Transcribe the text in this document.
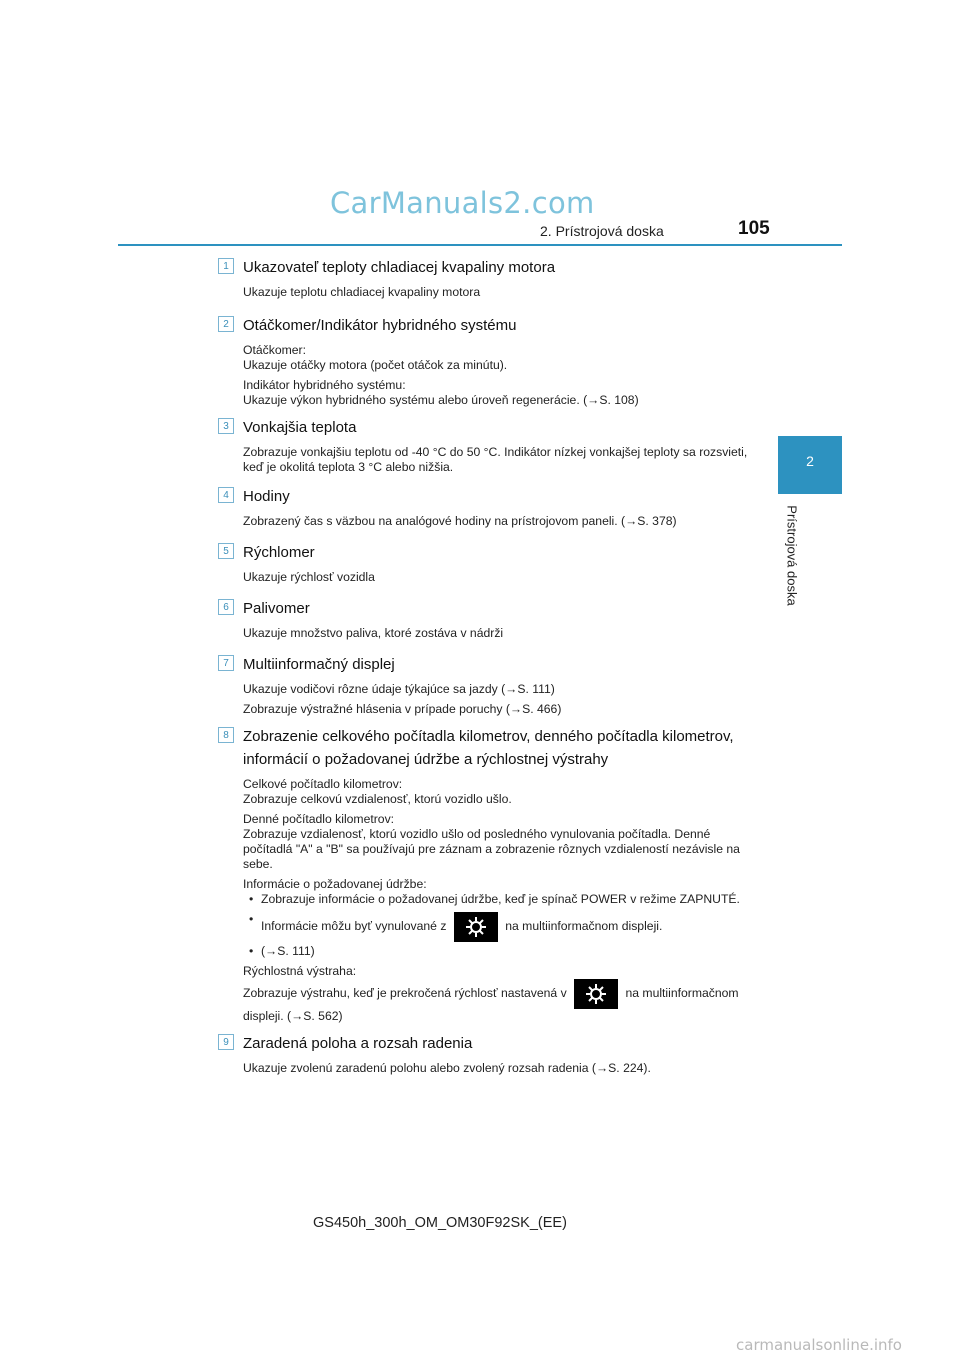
CarManuals2.com
2. Prístrojová doska	105
2
Prístrojová doska
1 Ukazovateľ teploty chladiacej kvapaliny motora
Ukazuje teplotu chladiacej kvapaliny motora
2 Otáčkomer/Indikátor hybridného systému
Otáčkomer:
Ukazuje otáčky motora (počet otáčok za minútu).
Indikátor hybridného systému:
Ukazuje výkon hybridného systému alebo úroveň regenerácie. (→S. 108)
3 Vonkajšia teplota
Zobrazuje vonkajšiu teplotu od -40 °C do 50 °C. Indikátor nízkej vonkajšej teploty sa rozsvieti, keď je okolitá teplota 3 °C alebo nižšia.
4 Hodiny
Zobrazený čas s väzbou na analógové hodiny na prístrojovom paneli. (→S. 378)
5 Rýchlomer
Ukazuje rýchlosť vozidla
6 Palivomer
Ukazuje množstvo paliva, ktoré zostáva v nádrži
7 Multiinformačný displej
Ukazuje vodičovi rôzne údaje týkajúce sa jazdy (→S. 111)
Zobrazuje výstražné hlásenia v prípade poruchy (→S. 466)
8 Zobrazenie celkového počítadla kilometrov, denného počítadla kilometrov, informácií o požadovanej údržbe a rýchlostnej výstrahy
Celkové počítadlo kilometrov:
Zobrazuje celkovú vzdialenosť, ktorú vozidlo ušlo.
Denné počítadlo kilometrov:
Zobrazuje vzdialenosť, ktorú vozidlo ušlo od posledného vynulovania počítadla. Denné počítadlá "A" a "B" sa používajú pre záznam a zobrazenie rôznych vzdialeností nezávisle na sebe.
Informácie o požadovanej údržbe:
• Zobrazuje informácie o požadovanej údržbe, keď je spínač POWER v režime ZAPNUTÉ.
• Informácie môžu byť vynulované z	na multiinformačnom displeji.
• (→S. 111)
Rýchlostná výstraha:
Zobrazuje výstrahu, keď je prekročená rýchlosť nastavená v	na multiinformačnom displeji. (→S. 562)
9 Zaradená poloha a rozsah radenia
Ukazuje zvolenú zaradenú polohu alebo zvolený rozsah radenia (→S. 224).
GS450h_300h_OM_OM30F92SK_(EE)
carmanualsonline.info
